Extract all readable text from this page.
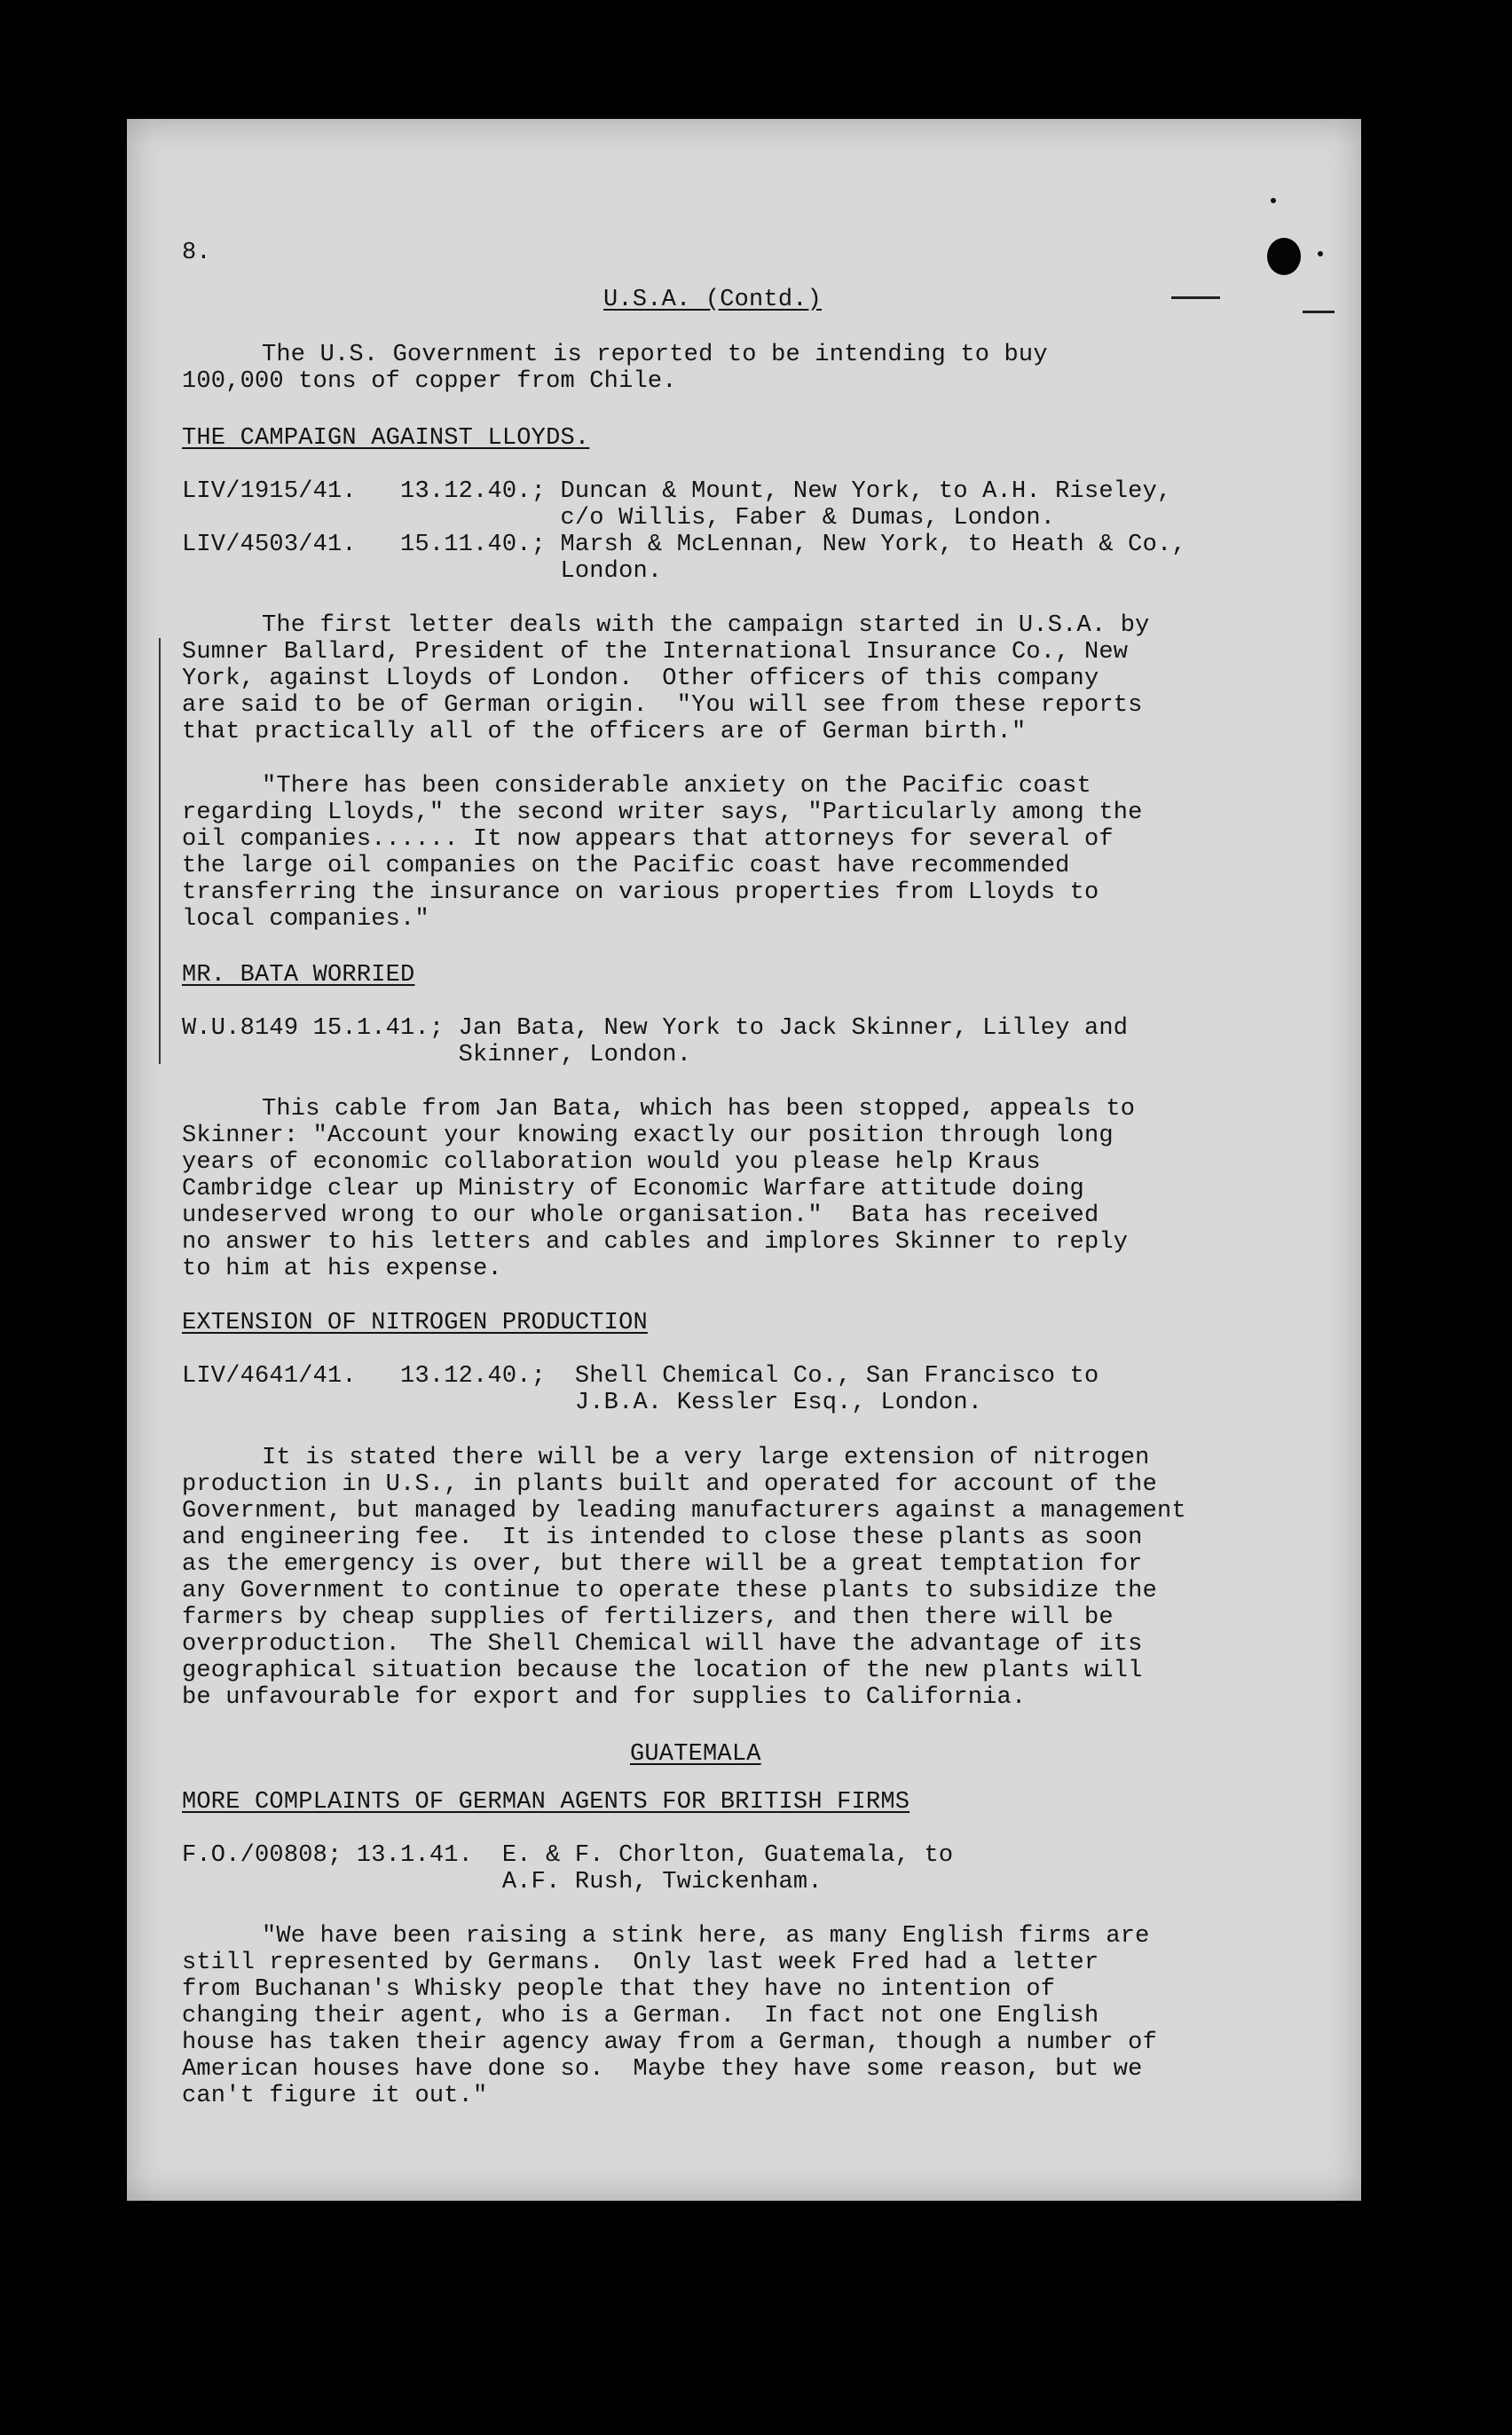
8.
U.S.A. (Contd.)
The U.S. Government is reported to be intending to buy
100,000 tons of copper from Chile.
THE CAMPAIGN AGAINST LLOYDS.
LIV/1915/41.   13.12.40.; Duncan & Mount, New York, to A.H. Riseley,
c/o Willis, Faber & Dumas, London.
LIV/4503/41.   15.11.40.; Marsh & McLennan, New York, to Heath & Co.,
London.
The first letter deals with the campaign started in U.S.A. by
Sumner Ballard, President of the International Insurance Co., New
York, against Lloyds of London.  Other officers of this company
are said to be of German origin.  "You will see from these reports
that practically all of the officers are of German birth."
"There has been considerable anxiety on the Pacific coast
regarding Lloyds," the second writer says, "Particularly among the
oil companies...... It now appears that attorneys for several of
the large oil companies on the Pacific coast have recommended
transferring the insurance on various properties from Lloyds to
local companies."
MR. BATA WORRIED
W.U.8149 15.1.41.; Jan Bata, New York to Jack Skinner, Lilley and
Skinner, London.
This cable from Jan Bata, which has been stopped, appeals to
Skinner: "Account your knowing exactly our position through long
years of economic collaboration would you please help Kraus
Cambridge clear up Ministry of Economic Warfare attitude doing
undeserved wrong to our whole organisation."  Bata has received
no answer to his letters and cables and implores Skinner to reply
to him at his expense.
EXTENSION OF NITROGEN PRODUCTION
LIV/4641/41.   13.12.40.;  Shell Chemical Co., San Francisco to
J.B.A. Kessler Esq., London.
It is stated there will be a very large extension of nitrogen
production in U.S., in plants built and operated for account of the
Government, but managed by leading manufacturers against a management
and engineering fee.  It is intended to close these plants as soon
as the emergency is over, but there will be a great temptation for
any Government to continue to operate these plants to subsidize the
farmers by cheap supplies of fertilizers, and then there will be
overproduction.  The Shell Chemical will have the advantage of its
geographical situation because the location of the new plants will
be unfavourable for export and for supplies to California.
GUATEMALA
MORE COMPLAINTS OF GERMAN AGENTS FOR BRITISH FIRMS
F.O./00808; 13.1.41.  E. & F. Chorlton, Guatemala, to
A.F. Rush, Twickenham.
"We have been raising a stink here, as many English firms are
still represented by Germans.  Only last week Fred had a letter
from Buchanan's Whisky people that they have no intention of
changing their agent, who is a German.  In fact not one English
house has taken their agency away from a German, though a number of
American houses have done so.  Maybe they have some reason, but we
can't figure it out."
